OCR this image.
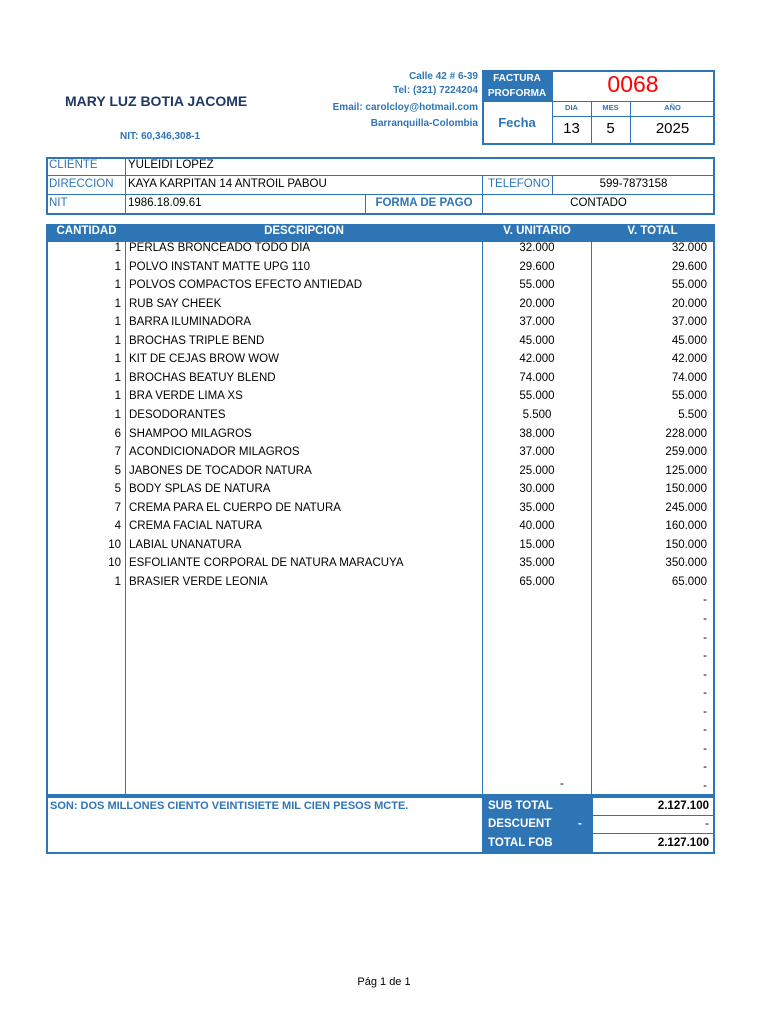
MARY LUZ BOTIA JACOME
NIT: 60,346,308-1
Calle 42 # 6-39
Tel: (321) 7224204
Email: carolcloy@hotmail.com
Barranquilla-Colombia
FACTURA
PROFORMA	0068
Fecha
DIA	MES	AÑO
13	5	2025
CLIENTE	YULEIDI LOPEZ
DIRECCION KAYA KARPITAN 14 ANTROIL PABOU	TELEFONO	599-7873158
NIT	1986.18.09.61	FORMA DE PAGO	CONTADO
CANTIDAD	DESCRIPCION	V. UNITARIO	V. TOTAL
1 PERLAS BRONCEADO TODO DIA	32.000	32.000
1 POLVO INSTANT MATTE UPG 110	29.600	29.600
1 POLVOS COMPACTOS EFECTO ANTIEDAD	55.000	55.000
1 RUB SAY CHEEK	20.000	20.000
1 BARRA ILUMINADORA	37.000	37.000
1 BROCHAS TRIPLE BEND	45.000	45.000
1 KIT DE CEJAS BROW WOW	42.000	42.000
1 BROCHAS BEATUY BLEND	74.000	74.000
1 BRA VERDE LIMA XS	55.000	55.000
1 DESODORANTES	5.500	5.500
6 SHAMPOO MILAGROS	38.000	228.000
7 ACONDICIONADOR MILAGROS	37.000	259.000
5 JABONES DE TOCADOR NATURA	25.000	125.000
5 BODY SPLAS DE NATURA	30.000	150.000
7 CREMA PARA EL CUERPO DE NATURA	35.000	245.000
4 CREMA FACIAL NATURA	40.000	160.000
10 LABIAL UNANATURA	15.000	150.000
10 ESFOLIANTE CORPORAL DE NATURA MARACUYA	35.000	350.000
1 BRASIER VERDE LEONIA	65.000	65.000
-
-
-
-
-
-
-
-
-
-
-
-
SON: DOS MILLONES CIENTO VEINTISIETE MIL CIEN PESOS MCTE.	SUB TOTAL	2.127.100
DESCUENT -	-
TOTAL FOB	2.127.100
Pág 1 de 1
